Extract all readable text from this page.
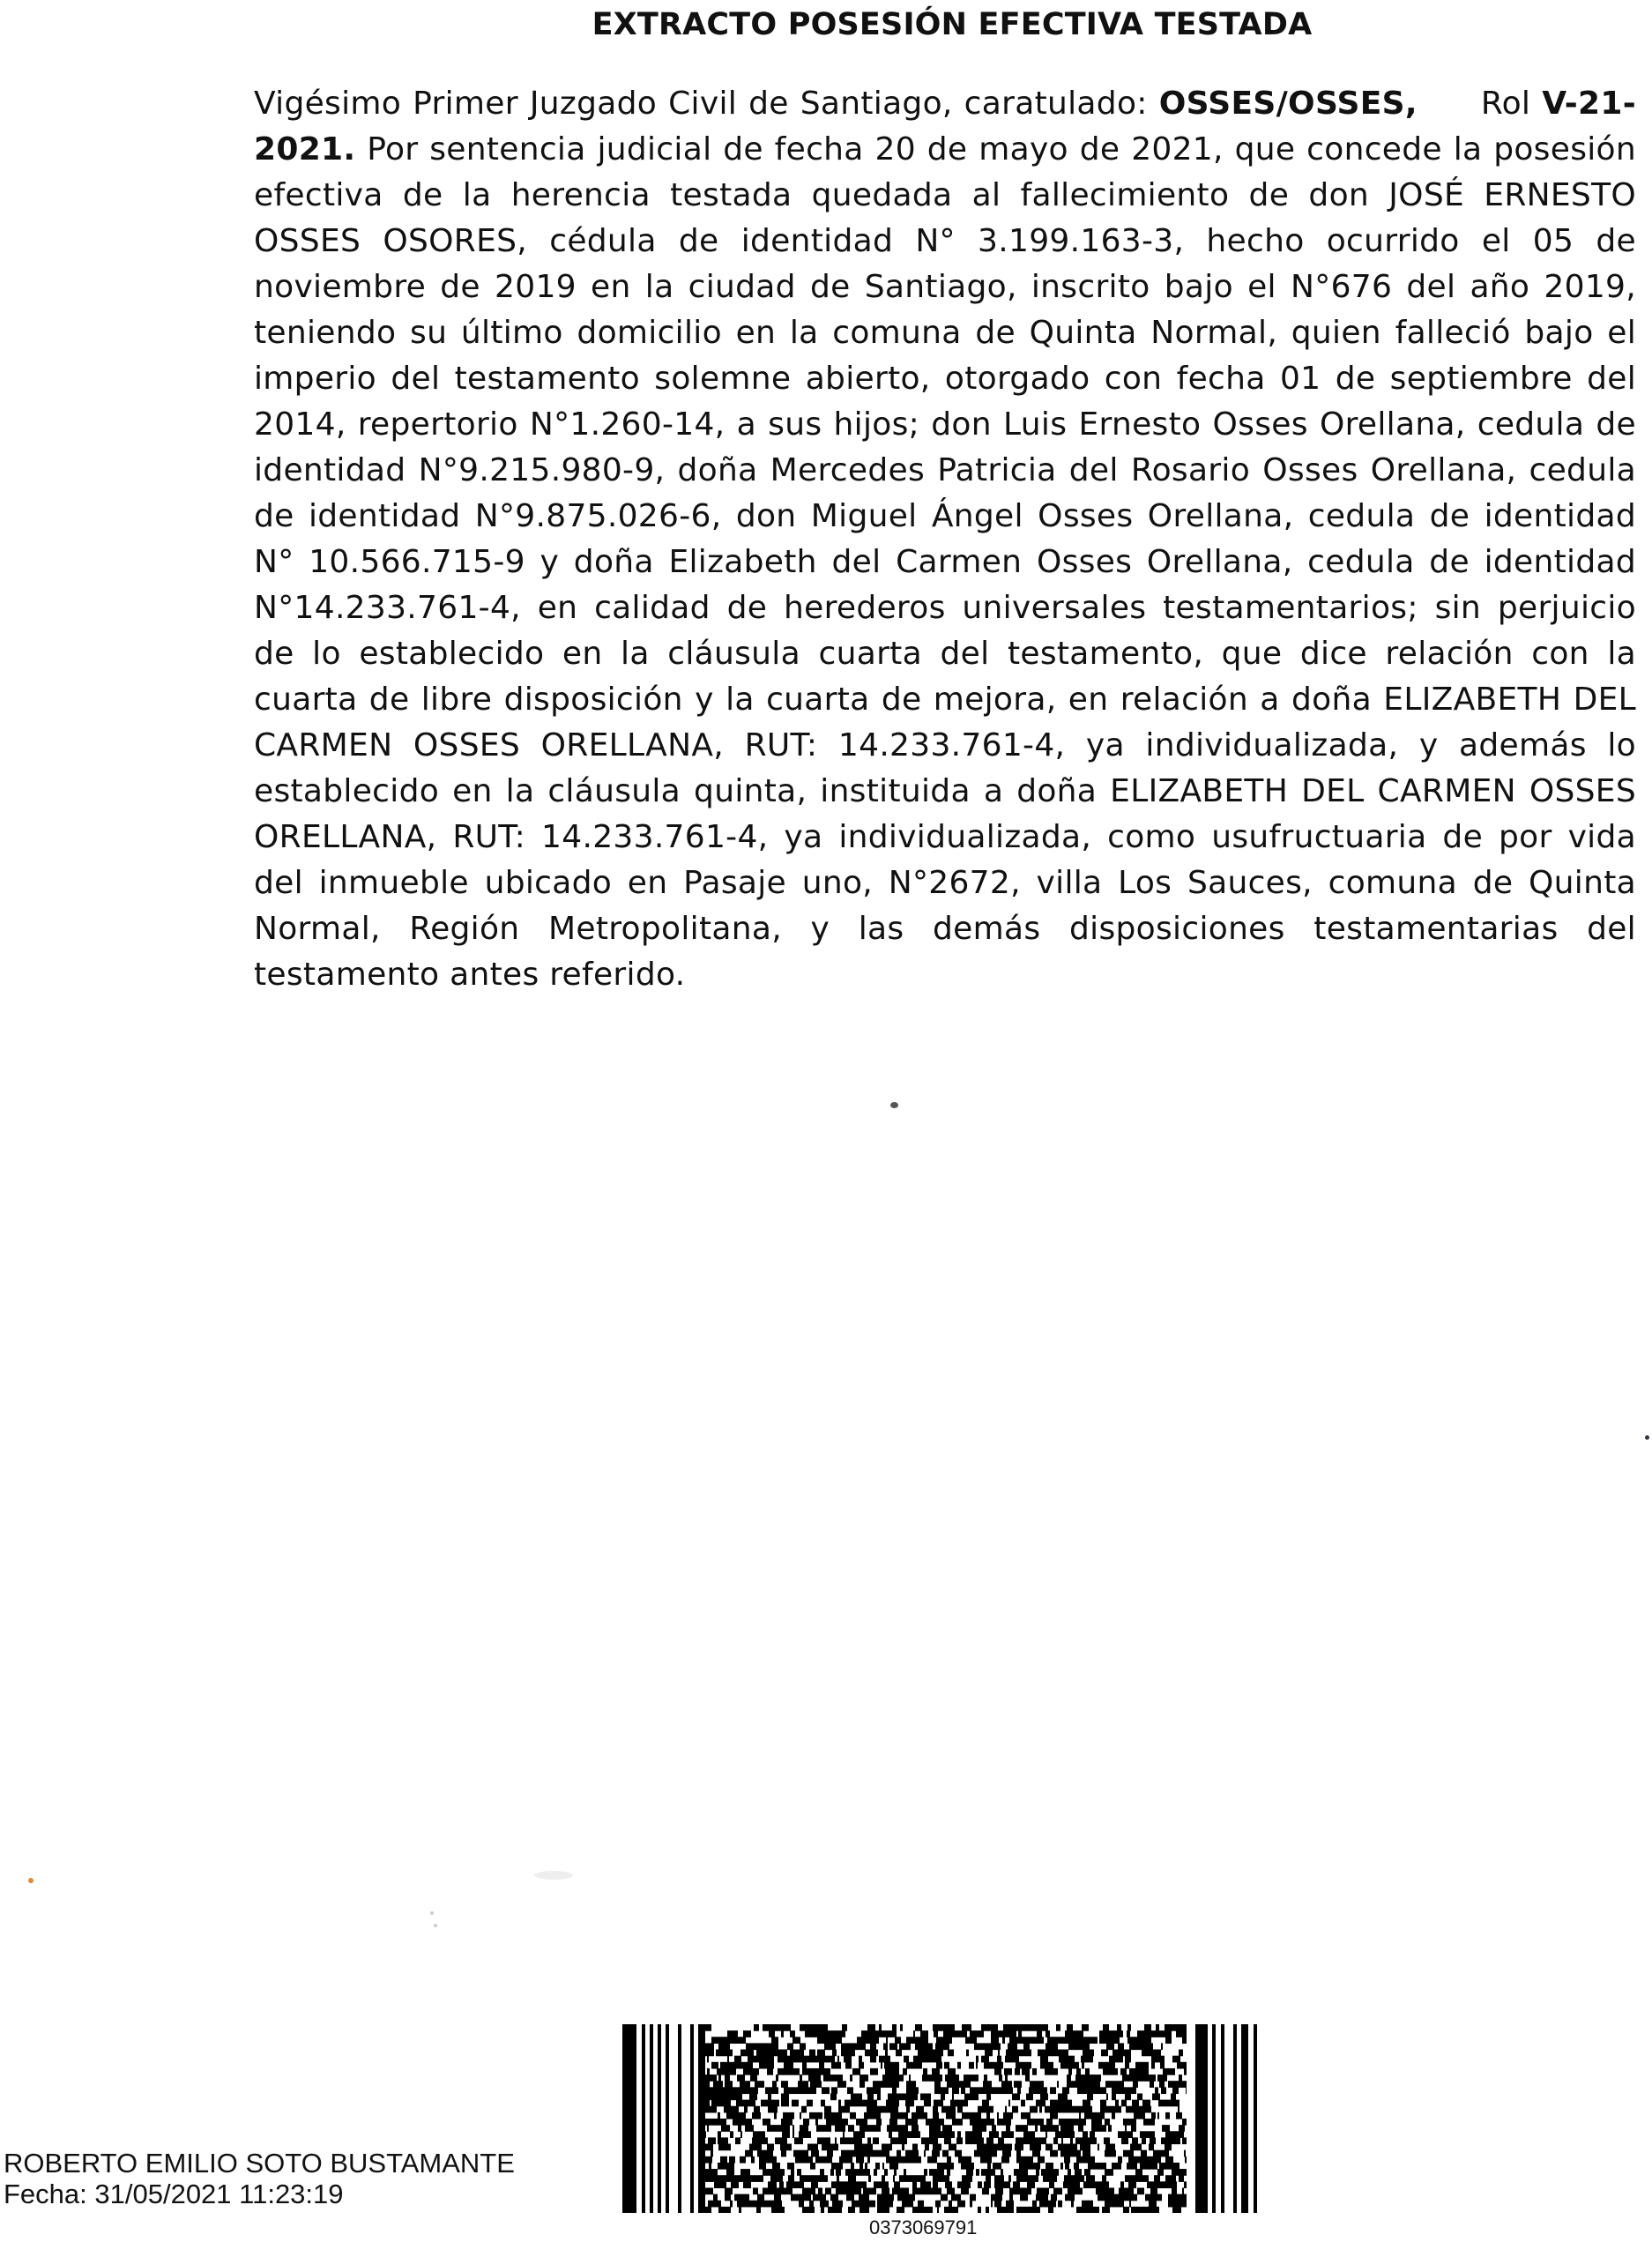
EXTRACTO POSESIÓN EFECTIVA TESTADA

Vigésimo Primer Juzgado Civil de Santiago, caratulado: OSSES/OSSES, Rol V-21-2021. Por sentencia judicial de fecha 20 de mayo de 2021, que concede la posesión efectiva de la herencia testada quedada al fallecimiento de don JOSÉ ERNESTO OSSES OSORES, cédula de identidad N° 3.199.163-3, hecho ocurrido el 05 de noviembre de 2019 en la ciudad de Santiago, inscrito bajo el N°676 del año 2019, teniendo su último domicilio en la comuna de Quinta Normal, quien falleció bajo el imperio del testamento solemne abierto, otorgado con fecha 01 de septiembre del 2014, repertorio N°1.260-14, a sus hijos; don Luis Ernesto Osses Orellana, cedula de identidad N°9.215.980-9, doña Mercedes Patricia del Rosario Osses Orellana, cedula de identidad N°9.875.026-6, don Miguel Ángel Osses Orellana, cedula de identidad N° 10.566.715-9 y doña Elizabeth del Carmen Osses Orellana, cedula de identidad N°14.233.761-4, en calidad de herederos universales testamentarios; sin perjuicio de lo establecido en la cláusula cuarta del testamento, que dice relación con la cuarta de libre disposición y la cuarta de mejora, en relación a doña ELIZABETH DEL CARMEN OSSES ORELLANA, RUT: 14.233.761-4, ya individualizada, y además lo establecido en la cláusula quinta, instituida a doña ELIZABETH DEL CARMEN OSSES ORELLANA, RUT: 14.233.761-4, ya individualizada, como usufructuaria de por vida del inmueble ubicado en Pasaje uno, N°2672, villa Los Sauces, comuna de Quinta Normal, Región Metropolitana, y las demás disposiciones testamentarias del testamento antes referido.

ROBERTO EMILIO SOTO BUSTAMANTE
Fecha: 31/05/2021 11:23:19
0373069791
